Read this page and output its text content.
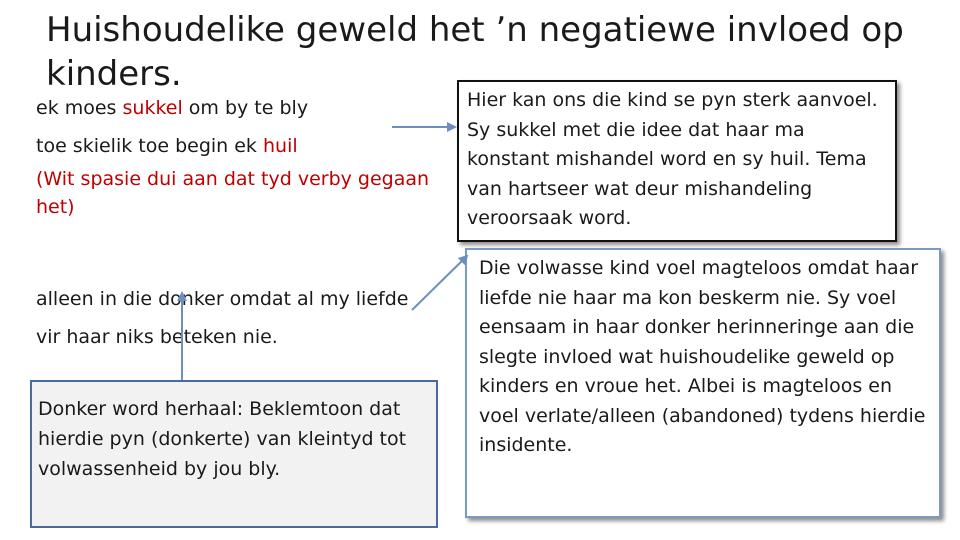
Huishoudelike geweld het ’n negatiewe invloed op kinders.
ek moes sukkel om by te bly
toe skielik toe begin ek huil
(Wit spasie dui aan dat tyd verby gegaan het)
alleen in die donker omdat al my liefde vir haar niks beteken nie.
Hier kan ons die kind se pyn sterk aanvoel. Sy sukkel met die idee dat haar ma konstant mishandel word en sy huil. Tema van hartseer wat deur mishandeling veroorsaak word.
Die volwasse kind voel magteloos omdat haar liefde nie haar ma kon beskerm nie. Sy voel eensaam in haar donker herinneringe aan die slegte invloed wat huishoudelike geweld op kinders en vroue het. Albei is magteloos en voel verlate/alleen (abandoned) tydens hierdie insidente.
Donker word herhaal: Beklemtoon dat hierdie pyn (donkerte) van kleintyd tot volwassenheid by jou bly.
